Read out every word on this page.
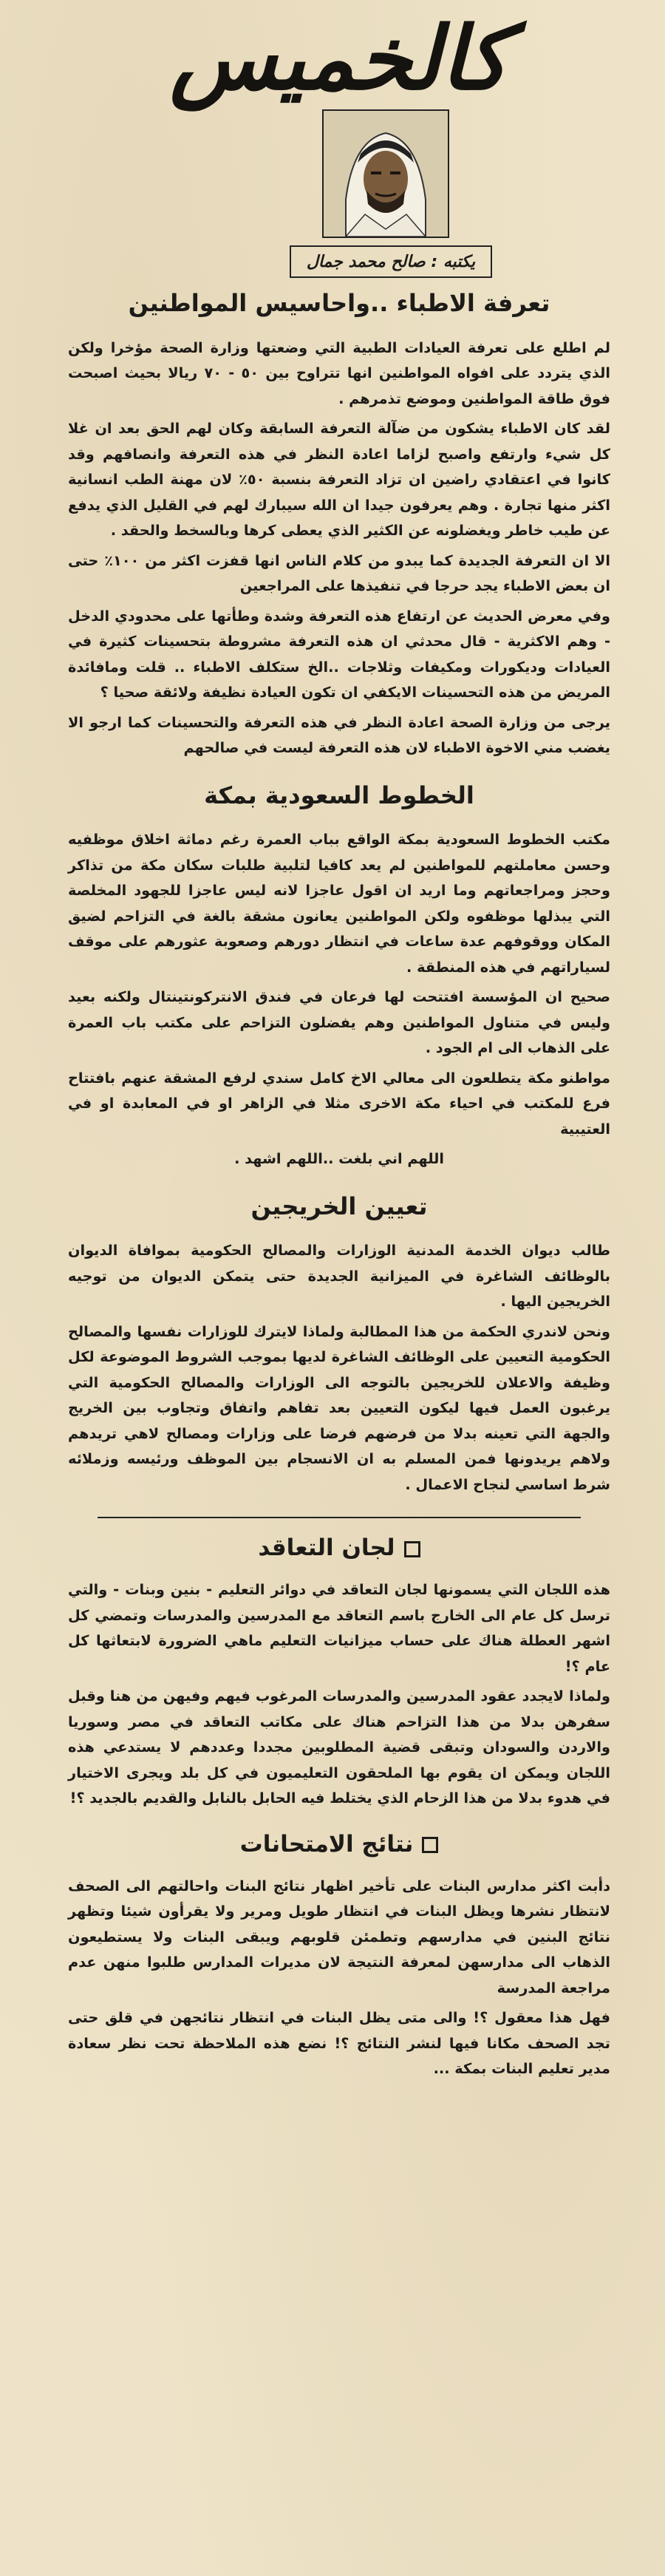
كالخميس
يكتبه : صالح محمد جمال
تعرفة الاطباء ..واحاسيس المواطنين

لم اطلع على تعرفة العيادات الطبية التي وضعتها وزارة الصحة مؤخرا ولكن الذي يتردد على افواه المواطنين انها تتراوح بين ٥٠ - ٧٠ ريالا بحيث اصبحت فوق طاقة المواطنين وموضع تذمرهم .

لقد كان الاطباء يشكون من ضآلة التعرفة السابقة وكان لهم الحق بعد ان غلا كل شيء وارتفع واصبح لزاما اعادة النظر في هذه التعرفة وانصافهم وقد كانوا في اعتقادي راضين ان تزاد التعرفة بنسبة ٥٠٪ لان مهنة الطب انسانية اكثر منها تجارة . وهم يعرفون جيدا ان الله سيبارك لهم في القليل الذي يدفع عن طيب خاطر ويغضلونه عن الكثير الذي يعطى كرها وبالسخط والحقد .

الا ان التعرفة الجديدة كما يبدو من كلام الناس انها قفزت اكثر من ١٠٠٪ حتى ان بعض الاطباء يجد حرجا في تنفيذها على المراجعين

وفي معرض الحديث عن ارتفاع هذه التعرفة وشدة وطأتها على محدودي الدخل - وهم الاكثرية - قال محدثي ان هذه التعرفة مشروطة بتحسينات كثيرة في العيادات وديكورات ومكيفات وثلاجات ..الخ ستكلف الاطباء .. قلت ومافائدة المريض من هذه التحسينات الايكفي ان تكون العيادة نظيفة ولائقة صحيا ؟

يرجى من وزارة الصحة اعادة النظر في هذه التعرفة والتحسينات كما ارجو الا يغضب مني الاخوة الاطباء لان هذه التعرفة ليست في صالحهم

الخطوط السعودية بمكة

مكتب الخطوط السعودية بمكة الواقع بباب العمرة رغم دماثة اخلاق موظفيه وحسن معاملتهم للمواطنين لم يعد كافيا لتلبية طلبات سكان مكة من تذاكر وحجز ومراجعاتهم وما اريد ان اقول عاجزا لانه ليس عاجزا للجهود المخلصة التي يبذلها موظفوه ولكن المواطنين يعانون مشقة بالغة في التزاحم لضيق المكان ووقوفهم عدة ساعات في انتظار دورهم وصعوبة عثورهم على موقف لسياراتهم في هذه المنطقة .

صحيح ان المؤسسة افتتحت لها فرعان في فندق الانتركونتينتال ولكنه بعيد وليس في متناول المواطنين وهم يفضلون التزاحم على مكتب باب العمرة على الذهاب الى ام الجود .

مواطنو مكة يتطلعون الى معالي الاخ كامل سندي لرفع المشقة عنهم بافتتاح فرع للمكتب في احياء مكة الاخرى مثلا في الزاهر او في المعابدة او في العتيبية

اللهم اني بلغت ..اللهم اشهد .

تعيين الخريجين

طالب ديوان الخدمة المدنية الوزارات والمصالح الحكومية بموافاة الديوان بالوظائف الشاغرة في الميزانية الجديدة حتى يتمكن الديوان من توجيه الخريجين اليها .

ونحن لاندري الحكمة من هذا المطالبة ولماذا لايترك للوزارات نفسها والمصالح الحكومية التعيين على الوظائف الشاغرة لديها بموجب الشروط الموضوعة لكل وظيفة والاعلان للخريجين بالتوجه الى الوزارات والمصالح الحكومية التي يرغبون العمل فيها ليكون التعيين بعد تفاهم واتفاق وتجاوب بين الخريج والجهة التي تعينه بدلا من فرضهم فرضا على وزارات ومصالح لاهي تريدهم ولاهم يريدونها فمن المسلم به ان الانسجام بين الموظف ورئيسه وزملائه شرط اساسي لنجاح الاعمال .

لجان التعاقد

هذه اللجان التي يسمونها لجان التعاقد في دوائر التعليم - بنين وبنات - والتي ترسل كل عام الى الخارج باسم التعاقد مع المدرسين والمدرسات وتمضي كل اشهر العطلة هناك على حساب ميزانيات التعليم ماهي الضرورة لابتعاثها كل عام ؟!

ولماذا لايجدد عقود المدرسين والمدرسات المرغوب فيهم وفيهن من هنا وقبل سفرهن بدلا من هذا التزاحم هناك على مكاتب التعاقد في مصر وسوريا والاردن والسودان وتبقى قضية المطلوبين مجددا وعددهم لا يستدعي هذه اللجان ويمكن ان يقوم بها الملحقون التعليميون في كل بلد ويجرى الاختيار في هدوء بدلا من هذا الزحام الذي يختلط فيه الحابل بالنابل والقديم بالجديد ؟!

نتائج الامتحانات

دأبت اكثر مدارس البنات على تأخير اظهار نتائج البنات واحالتهم الى الصحف لانتظار نشرها ويظل البنات في انتظار طويل ومرير ولا يقرأون شيئا وتظهر نتائج البنين في مدارسهم وتطمئن قلوبهم ويبقى البنات ولا يستطيعون الذهاب الى مدارسهن لمعرفة النتيجة لان مديرات المدارس طلبوا منهن عدم مراجعة المدرسة

فهل هذا معقول ؟! والى متى يظل البنات في انتظار نتائجهن في قلق حتى تجد الصحف مكانا فيها لنشر النتائج ؟! نضع هذه الملاحظة تحت نظر سعادة مدير تعليم البنات بمكة ...
